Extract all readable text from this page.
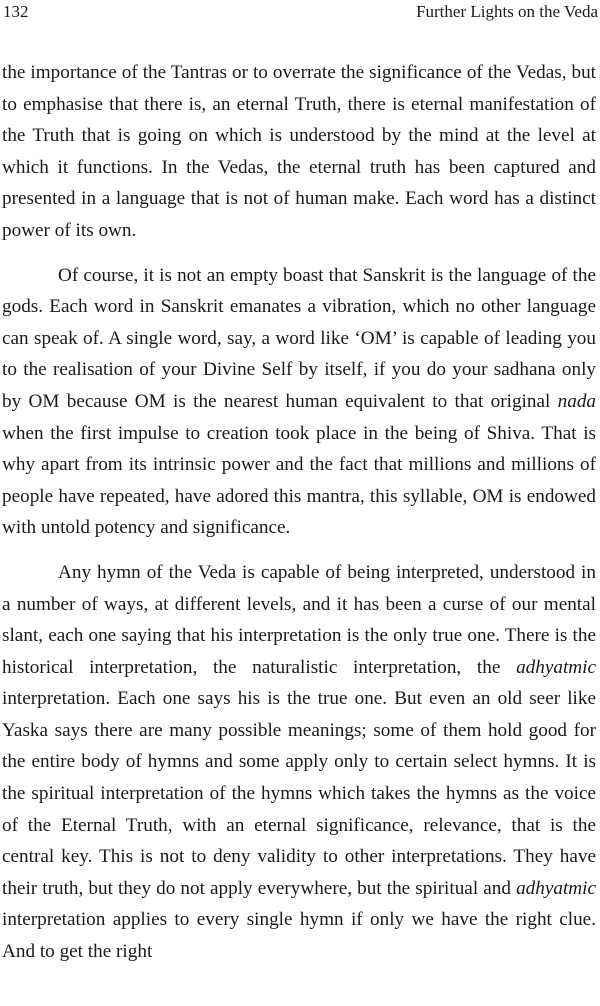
132	Further Lights on the Veda

the importance of the Tantras or to overrate the significance of the Vedas, but to emphasise that there is, an eternal Truth, there is eternal manifestation of the Truth that is going on which is understood by the mind at the level at which it functions. In the Vedas, the eternal truth has been captured and presented in a language that is not of human make. Each word has a distinct power of its own.

Of course, it is not an empty boast that Sanskrit is the language of the gods. Each word in Sanskrit emanates a vibration, which no other language can speak of. A single word, say, a word like ‘OM’ is capable of leading you to the realisation of your Divine Self by itself, if you do your sadhana only by OM because OM is the nearest human equivalent to that original nada when the first impulse to creation took place in the being of Shiva. That is why apart from its intrinsic power and the fact that millions and millions of people have repeated, have adored this mantra, this syllable, OM is endowed with untold potency and significance.

Any hymn of the Veda is capable of being interpreted, understood in a number of ways, at different levels, and it has been a curse of our mental slant, each one saying that his interpretation is the only true one. There is the historical interpretation, the naturalistic interpretation, the adhyatmic interpretation. Each one says his is the true one. But even an old seer like Yaska says there are many possible meanings; some of them hold good for the entire body of hymns and some apply only to certain select hymns. It is the spiritual interpretation of the hymns which takes the hymns as the voice of the Eternal Truth, with an eternal significance, relevance, that is the central key. This is not to deny validity to other interpretations. They have their truth, but they do not apply everywhere, but the spiritual and adhyatmic interpretation applies to every single hymn if only we have the right clue. And to get the right
